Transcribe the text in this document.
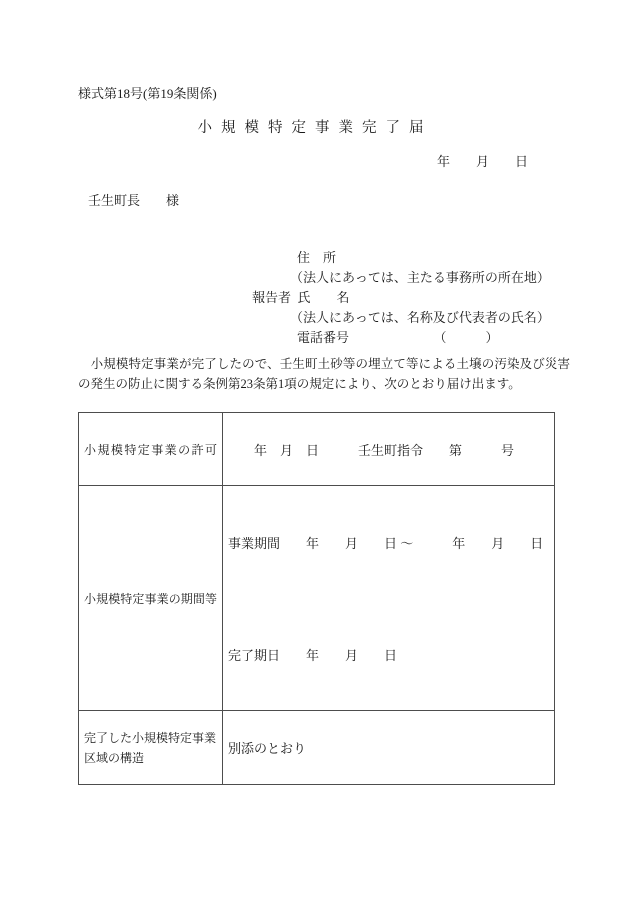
様式第18号(第19条関係)
小規模特定事業完了届
年　　月　　日
壬生町長　　様
住　所
（法人にあっては、主たる事務所の所在地）
報告者  氏　　名
（法人にあっては、名称及び代表者の氏名）
電話番号　　　　　　　（　　　）
　小規模特定事業が完了したので、壬生町土砂等の埋立て等による土壌の汚染及び災害の発生の防止に関する条例第23条第1項の規定により、次のとおり届け出ます。
小規模特定事業の許可 　　年　月　日　　　壬生町指令　　第　　　号
小規模特定事業の期間等
事業期間　　年　　月　　日 ～　　　年　　月　　日
完了期日　　年　　月　　日
完了した小規模特定事業
区域の構造
別添のとおり
